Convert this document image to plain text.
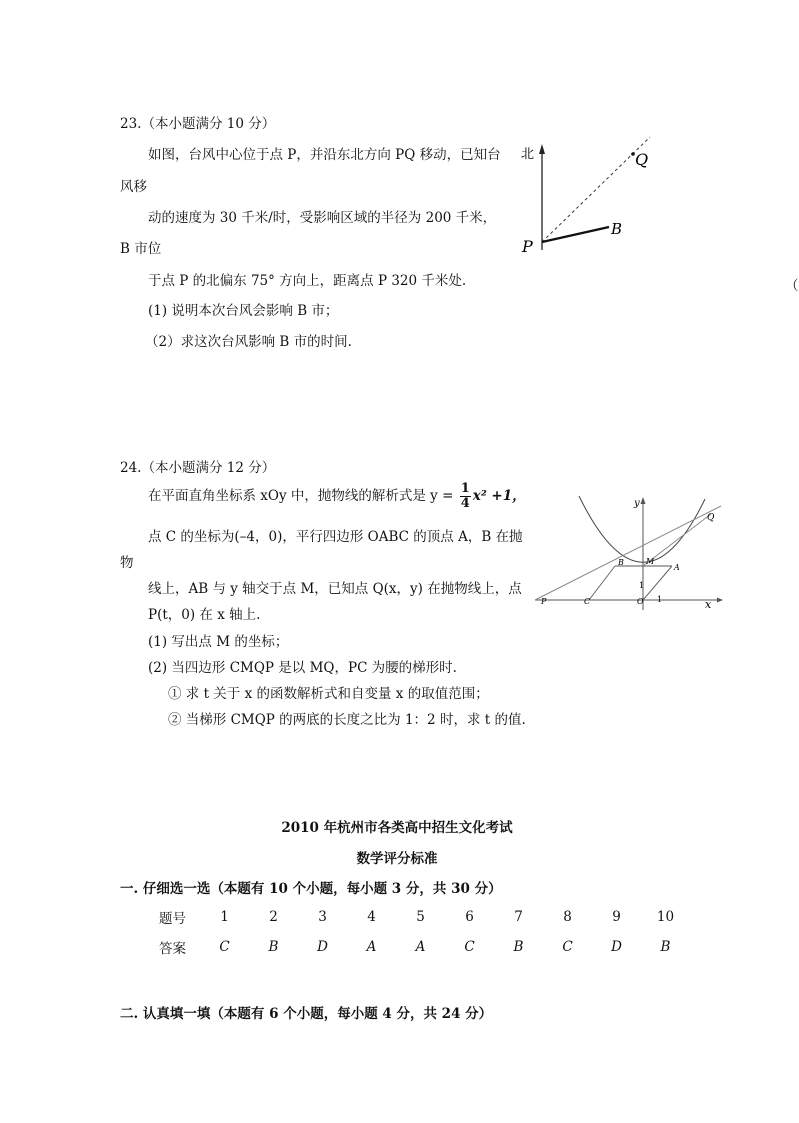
23.（本小题满分 10 分）
如图，台风中心位于点 P，并沿东北方向 PQ 移动，已知台
风移
动的速度为 30 千米/时，受影响区域的半径为 200 千米，
B 市位
于点 P 的北偏东 75° 方向上，距离点 P 320 千米处.
(1) 说明本次台风会影响 B 市；
（2）求这次台风影响 B 市的时间.
（
北	Q
B
P
24.（本小题满分 12 分）
在平面直角坐标系 xOy 中，抛物线的解析式是 $y = \frac{1}{4} x^2 +1$，
点 C 的坐标为(–4，0)，平行四边形 OABC 的顶点 A，B 在抛
物
线上，AB 与 y 轴交于点 M，已知点 Q(x，y) 在抛物线上，点
P(t，0) 在 x 轴上.
(1) 写出点 M 的坐标；
(2) 当四边形 CMQP 是以 MQ，PC 为腰的梯形时.
① 求 t 关于 x 的函数解析式和自变量 x 的取值范围；
② 当梯形 CMQP 的两底的长度之比为 1：2 时，求 t 的值.
y
x
Q
B	M
A
P	C	O
1
1
2010 年杭州市各类高中招生文化考试
数学评分标准
一. 仔细选一选（本题有 10 个小题，每小题 3 分，共 30 分）
题号	1	2	3	4	5	6	7	8	9	10
答案	C	B	D	A	A	C	B	C	D	B
二. 认真填一填（本题有 6 个小题，每小题 4 分，共 24 分）
